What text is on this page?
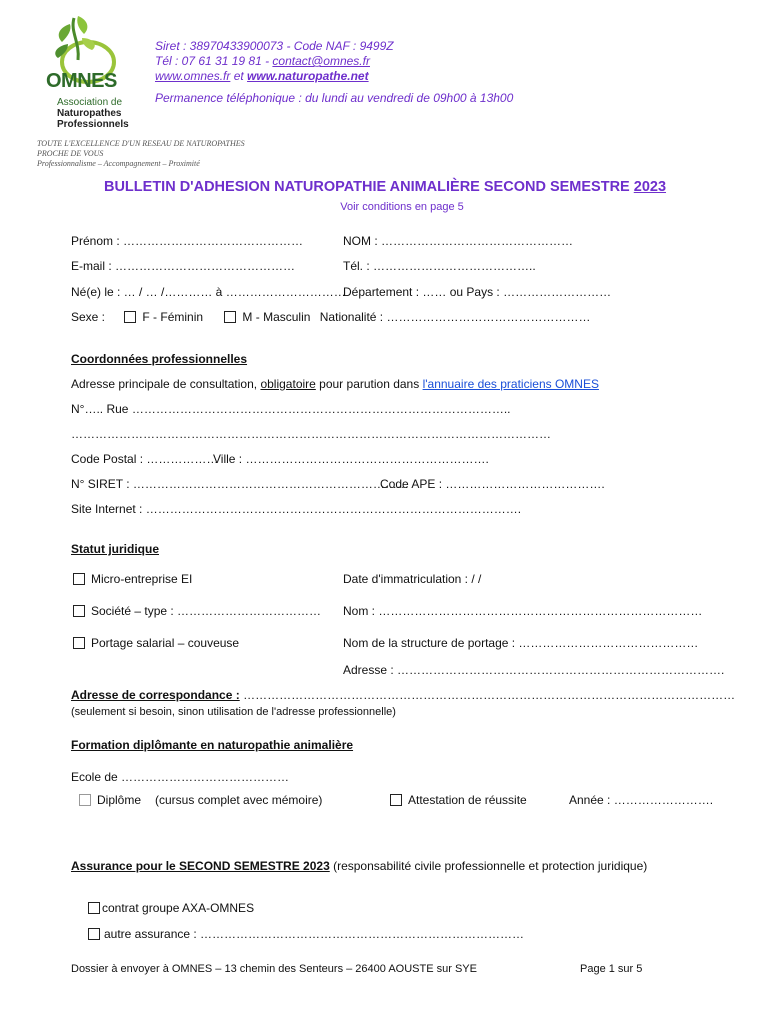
OMNES
Association de
Naturopathes
Professionnels
Siret : 38970433900073 - Code NAF : 9499Z
Tél : 07 61 31 19 81 - contact@omnes.fr
www.omnes.fr et www.naturopathe.net
Permanence téléphonique : du lundi au vendredi de 09h00 à 13h00
TOUTE L'EXCELLENCE D'UN RESEAU DE NATUROPATHES
PROCHE DE VOUS
Professionnalisme – Accompagnement – Proximité
BULLETIN D'ADHESION NATUROPATHIE ANIMALIÈRE SECOND SEMESTRE 2023
Voir conditions en page 5
Prénom : ………………………………………	NOM : …………………………………………
E-mail : ………………………………………	Tél. : …………………………………..
Né(e) le : … / … /………… à …………………………
Département : …… ou Pays : ………………………
Sexe :	F - Féminin	M - Masculin Nationalité : ……………………………………………
Coordonnées professionnelles
Adresse principale de consultation, obligatoire pour parution dans l'annuaire des praticiens OMNES
N°….. Rue …………………………………………………………………………………..
…………………………………………………………………………………………………………
Code Postal : ………………
Ville : …………………………………………………….
N° SIRET : ……………………………………………………………
Code APE : ………………………………….
Site Internet : ………………………………………………………………………………….
Statut juridique
Micro-entreprise EI	Date d'immatriculation : / /
Société – type : ……………………………… Nom : ………………………………………………………………………
Portage salarial – couveuse	Nom de la structure de portage : ………………………………………
Adresse : ……………………………………………………………………….
Adresse de correspondance : ……………………………………………………………………………………………………………
(seulement si besoin, sinon utilisation de l'adresse professionnelle)
Formation diplômante en naturopathie animalière
Ecole de ……………………………………
Diplôme (cursus complet avec mémoire)	Attestation de réussite	Année : …………………….
Assurance pour le SECOND SEMESTRE 2023 (responsabilité civile professionnelle et protection juridique)
contrat groupe AXA-OMNES
autre assurance : ………………………………………………………………………
Dossier à envoyer à OMNES – 13 chemin des Senteurs – 26400 AOUSTE sur SYE	Page 1 sur 5
